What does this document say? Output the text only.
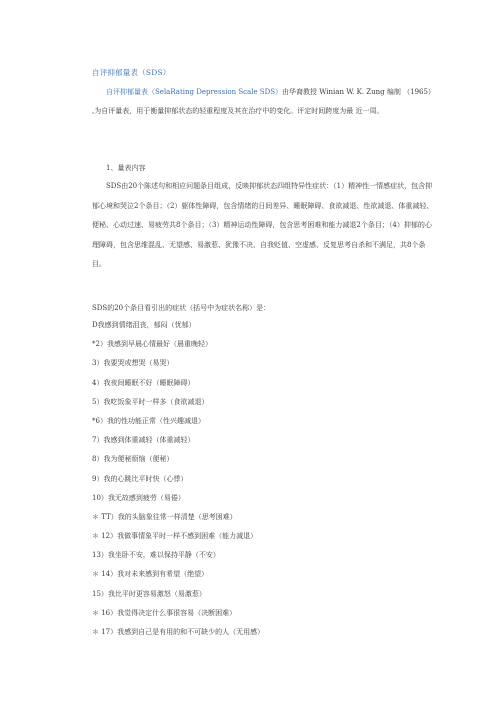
自评抑郁量表（SDS）
自评抑郁量表（SelaRating Depression Scale SDS）由华裔教授 Winian W. K. Zung 编制 （1965） ,为自评量表，用于衡量抑郁状态的轻重程度及其在治疗中的变化。评定时间跨度为最 近一周。
1、量表内容
SDS由20个陈述句和相应问题条目组成，反映抑郁状态四组特异性症状：（1）精神性一情感症状，包含抑郁心境和哭泣2个条目；（2）躯体性障碍，包含情绪的日间差异、睡眠障碍、食欲减退、性欲减退、体重减轻、便秘、心动过速、易疲劳共8个条目；（3）精神运动性障碍，包含思考困难和能力减退2个条目；（4）抑郁的心理障碍，包含思维混乱、无望感、易激惹、犹豫不决、自我贬值、空虚感、反复思考自杀和不满足，共8个条目。
SDS的20个条目看引出的症状（括号中为症状名称）是：
D我感到情绪沮丧，郁闷（忧郁）
*2）我感到早晨心情最好（晨重晚轻）
3）我要哭或想哭（易哭）
4）我夜间睡眠不好（睡眠障碍）
5）我吃饭象平时一样多（食欲减退）
*6）我的性功能正常（性兴趣减退）
7）我感到体重减轻（体重减轻）
8）我为便秘烦恼（便秘）
9）我的心跳比平时快（心悸）
10）我无故感到疲劳（易倦）
＊ TT）我的头脑象往常一样清楚（思考困难）
＊ 12）我做事情象平时一样不感到困难（能力减退）
13）我坐卧不安，难以保持平静（不安）
＊ 14）我对未来感到有希望（绝望）
15）我比平时更容易激怒（易激惹）
＊ 16）我觉得决定什么事很容易（决断困难）
＊ 17）我感到自己是有用的和不可缺少的人（无用感）
